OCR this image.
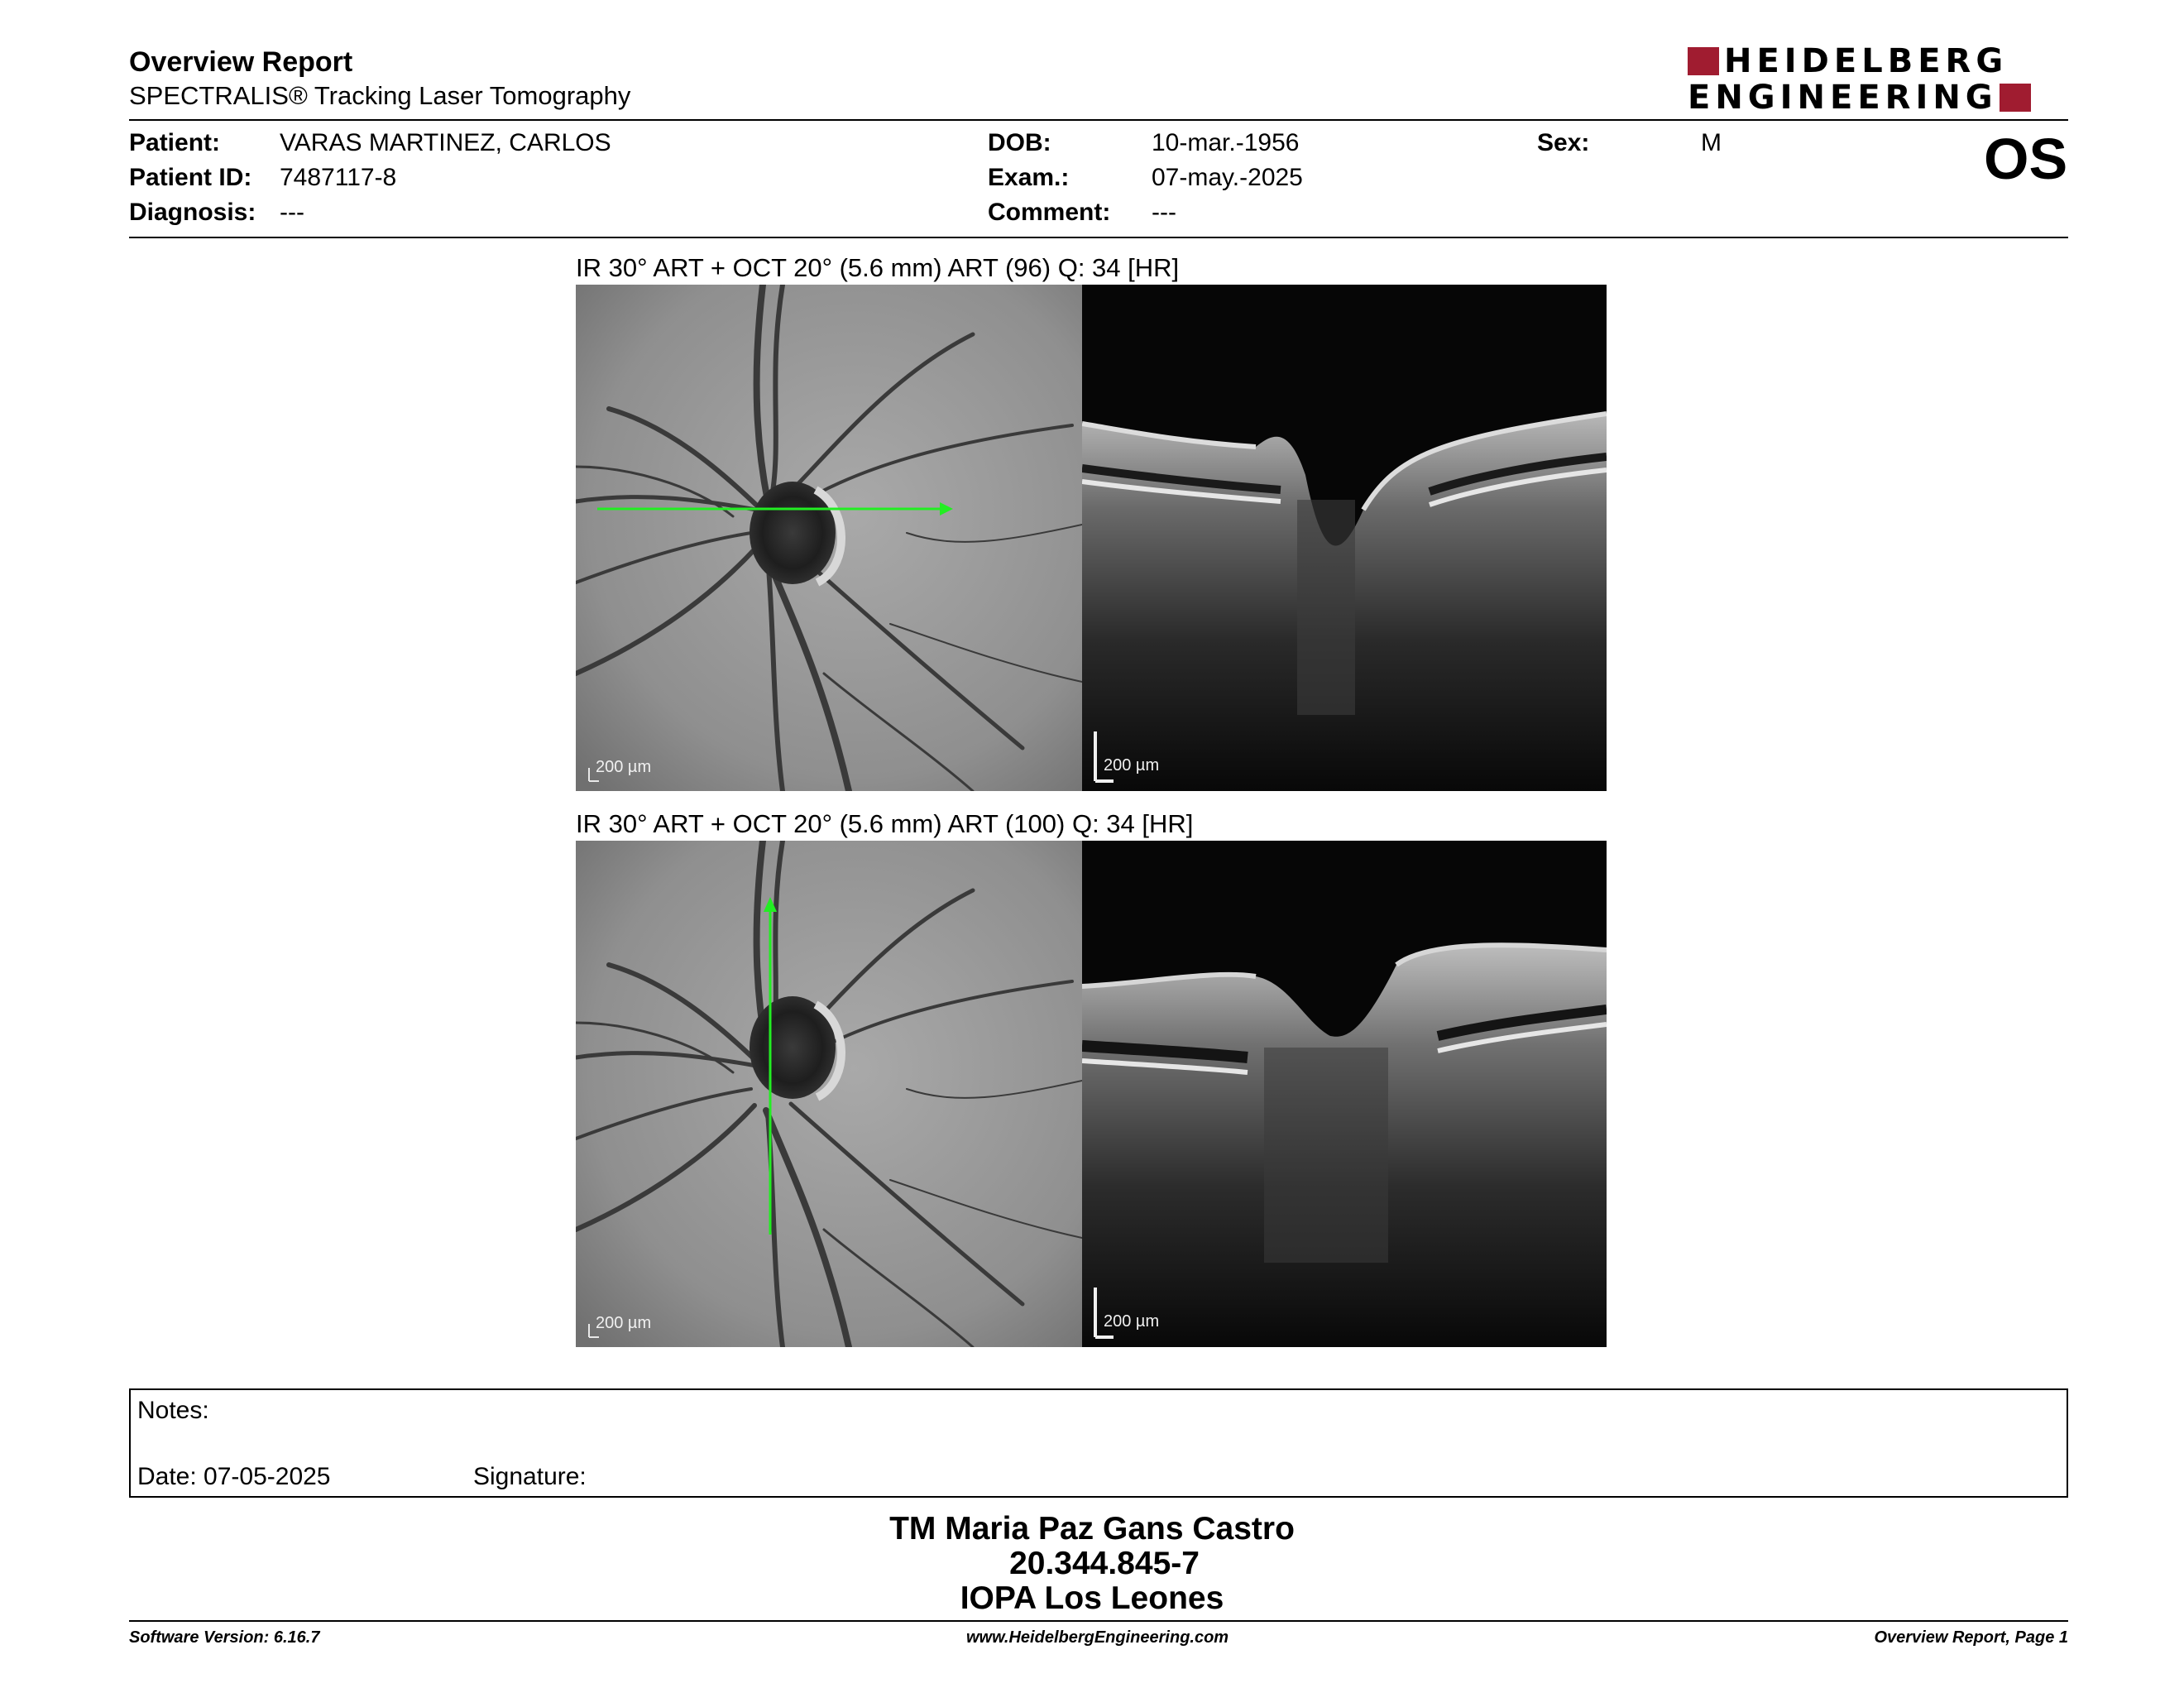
Overview Report
SPECTRALIS® Tracking Laser Tomography
HEIDELBERG
ENGINEERING
Patient: VARAS MARTINEZ, CARLOS
Patient ID: 7487117-8
Diagnosis: ---
DOB:	10-mar.-1956
Exam.:	07-may.-2025
Comment: ---
Sex:	M	OS
IR 30° ART + OCT 20° (5.6 mm) ART (96) Q: 34 [HR]
200 µm	200 µm
IR 30° ART + OCT 20° (5.6 mm) ART (100) Q: 34 [HR]
200 µm	200 µm
Notes:
Date: 07-05-2025	Signature:
TM Maria Paz Gans Castro
20.344.845-7
IOPA Los Leones
Software Version: 6.16.7	www.HeidelbergEngineering.com	Overview Report, Page 1
